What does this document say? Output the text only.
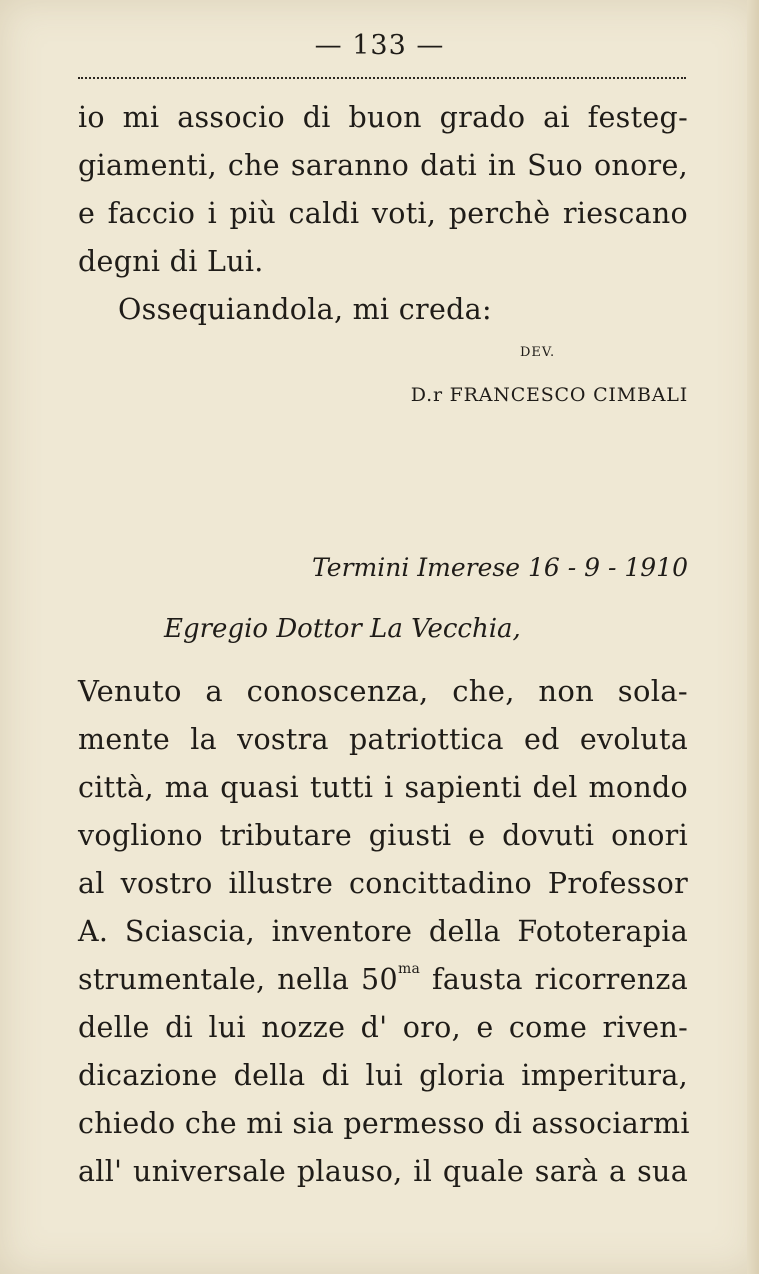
— 133 —
io mi associo di buon grado ai festeg-
giamenti, che saranno dati in Suo onore,
e faccio i più caldi voti, perchè riescano
degni di Lui.
Ossequiandola, mi creda:
DEV.
D.r FRANCESCO CIMBALI
Termini Imerese 16 - 9 - 1910
Egregio Dottor La Vecchia,
Venuto a conoscenza, che, non sola-
mente la vostra patriottica ed evoluta
città, ma quasi tutti i sapienti del mondo
vogliono tributare giusti e dovuti onori
al vostro illustre concittadino Professor
A. Sciascia, inventore della Fototerapia
strumentale, nella $50^{ma}$ fausta ricorrenza
delle di lui nozze d' oro, e come riven-
dicazione della di lui gloria imperitura,
chiedo che mi sia permesso di associarmi
all' universale plauso, il quale sarà a sua
